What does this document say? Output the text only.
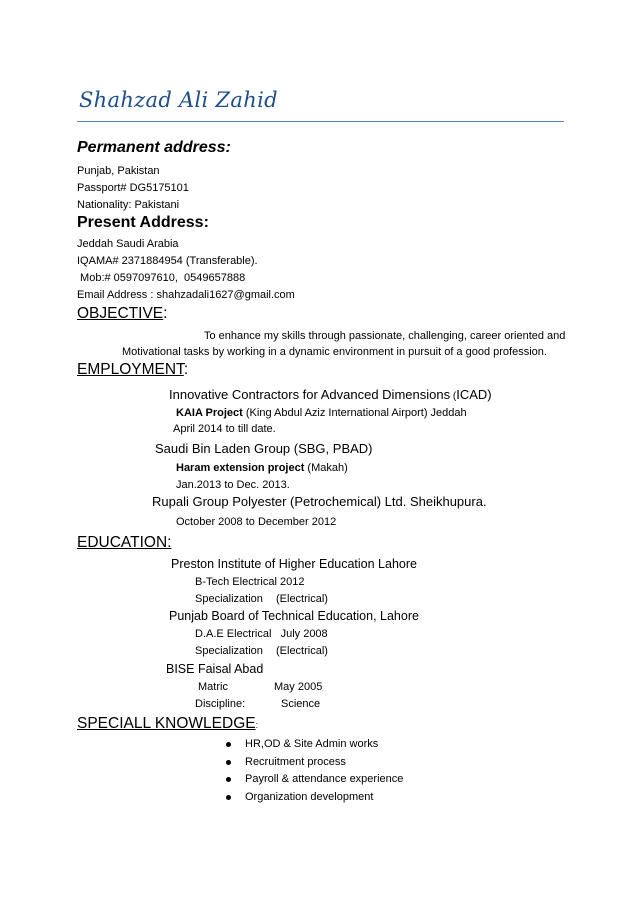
Shahzad Ali Zahid
Permanent address:
Punjab, Pakistan
Passport# DG5175101
Nationality: Pakistani
Present Address:
Jeddah Saudi Arabia
IQAMA# 2371884954 (Transferable).
Mob:# 0597097610,  0549657888
Email Address : shahzadali1627@gmail.com
OBJECTIVE:
To enhance my skills through passionate, challenging, career oriented and
Motivational tasks by working in a dynamic environment in pursuit of a good profession.
EMPLOYMENT:
Innovative Contractors for Advanced Dimensions (ICAD)
KAIA Project (King Abdul Aziz International Airport) Jeddah
April 2014 to till date.
Saudi Bin Laden Group (SBG, PBAD)
Haram extension project (Makah)
Jan.2013 to Dec. 2013.
Rupali Group Polyester (Petrochemical) Ltd. Sheikhupura.
October 2008 to December 2012
EDUCATION:
Preston Institute of Higher Education Lahore
B-Tech Electrical 2012
Specialization (Electrical)
Punjab Board of Technical Education, Lahore
D.A.E Electrical   July 2008
Specialization (Electrical)
BISE Faisal Abad
Matric	May 2005
Discipline:	Science
SPECIALL KNOWLEDGE:
HR,OD & Site Admin works
Recruitment process
Payroll & attendance experience
Organization development
